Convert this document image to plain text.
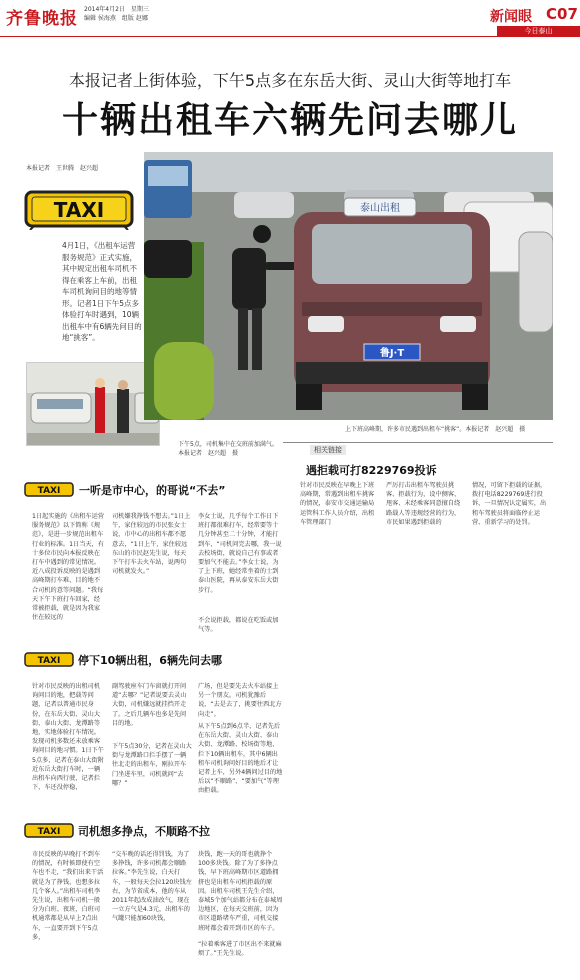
齐鲁晚报 2014年4月2日　星期三
编辑 侯海燕　组版 赵娜	新闻眼 C07
今日泰山
本报记者上街体验，下午5点多在东岳大街、灵山大街等地打车
十辆出租车六辆先问去哪儿
本报记者　王世腾　赵兴超
TAXI
4月1日，《出租车运营服务规范》正式实施，其中规定出租车司机不得在乘客上车前，出租车司机询问目的地等情形。记者1日下午5点多体验打车时遇到，10辆出租车中有6辆先问目的地“挑客”。
下午5点，司机集中在交班前加满气。本报记者　赵兴超　摄
泰山出租
鲁J·T
上下班高峰期，许多市民遇到出租车“挑客”。本报记者　赵兴超　摄
相关链接
遇拒载可打8229769投诉
针对市民反映在早晚上下班高峰期，常遇到出租车挑客的情况，泰安市交通运输局运管科工作人员介绍，出租车管理部门
严厉打击出租车驾驶员挑客、拒载行为，设中侧客、甩客、未经乘客同意擅自绕路载人等违规经营的行为，市民如果遇到拒载的
情况，可留下拒载的证据，拨打电话8229769进行投诉，一旦情况认定属实，出租车驾驶员将面临停止运营、重新学习的处罚。
TAXI 一听是市中心，的哥说“不去”
1日起实施的《出租车运营服务规范》以下简称《规范》，是进一步规范出租车行业的标准。1日当天，有十多位市民向本报反映在打车中遇到的常见情况。近八成投诉反映的是遇到高峰期打车难、目的地不合司机的意等问题。“我每天下午下班打车回家，经常被拒载，就是因为我家住在较远的
司机嫌我挣钱不想去。”1日上午，家住较远的市民张女士说，市中心的出租车都不愿意去，“1日上午，家住较远东山的市民赵先生说，每天下午打车去火车站，说两句司机就发火。”
李女士说，几乎每个工作日下班打都很难打车，经常要等十几分钟甚至二十分钟，才能打到车，“司机问完去哪，我一说去校场街，就说自己有事或者要加气不能去。”李女士说，为了上下班，她经常坐着的士到泰山医院，再从泰安东岳大街步行。
不会说拒载，都说在吃饭或加气等。
TAXI 停下10辆出租，6辆先问去哪
针对市民反映的出租司机询问目的地，把载等问题，记者以普通市民身份，在东岳大街、灵山大街、泰山大街、龙潭路等地，实地体验打车情况。发现司机多数还未放乘客询问目的地习惯。1日下午5点多，记者在泰山大街附近东岳大街打车时，一辆出租车向西行驶，记者拦下，车还没停稳，
副驾驶座车门车窗就打开问道“去哪？”记者说要去灵山大街，司机嫌远就挂挡开走了。之后几辆车也多是先问目的地。
下午5点30分，记者在灵山大街与龙潭路口拦手摆了一辆往北走的出租车，刚拉开车门坐进车里，司机就问“去哪？”
广场，但是要先去火车站接上另一个朋友。司机犹豫后说，“去是去了，挑要往西北方向走”。
从下午5点到6点半，记者先后在东岳大街、灵山大街、泰山大街、龙潭路、校场街等地，拦下10辆出租车，其中6辆出租车司机询问好目的地后才让记者上车，另外4辆问过目的地后以“不顺路”、“要加气”等理由拒载。
TAXI 司机想多挣点，不顺路不拉
市民反映的早晚打不到车的情况，有时候即使有空车也不走，“我们出来干活就是为了挣钱，也想多拉几个客人。”出租车司机李先生说，出租车司机一般分为白班、夜班，白班司机通常都是从早上7点出车，一直要开到下午5点多，
“交车晚的话还得罚钱，为了多挣钱，许多司机都会顺路拉客。”李先生说，白天打车，一般每天会拉120块钱左右，为节省成本，他的车从2011年起改成油改气，现在一立方气是4.3元，出租车的气罐只能加60块钱，
块钱，跑一天的哥也就挣个100多块钱。除了为了多挣点钱，早下班高峰期市区道路拥挤也是出租车司机拒载的原因。出租车司机王先生介绍，泰城5个加气站都分布在泰城周边地区，在每天交班前，因为市区道路堵车严重，司机交接班时都会着开到市区的车子。
“拉着乘客进了市区出不来就麻烦了。”王先生说。
